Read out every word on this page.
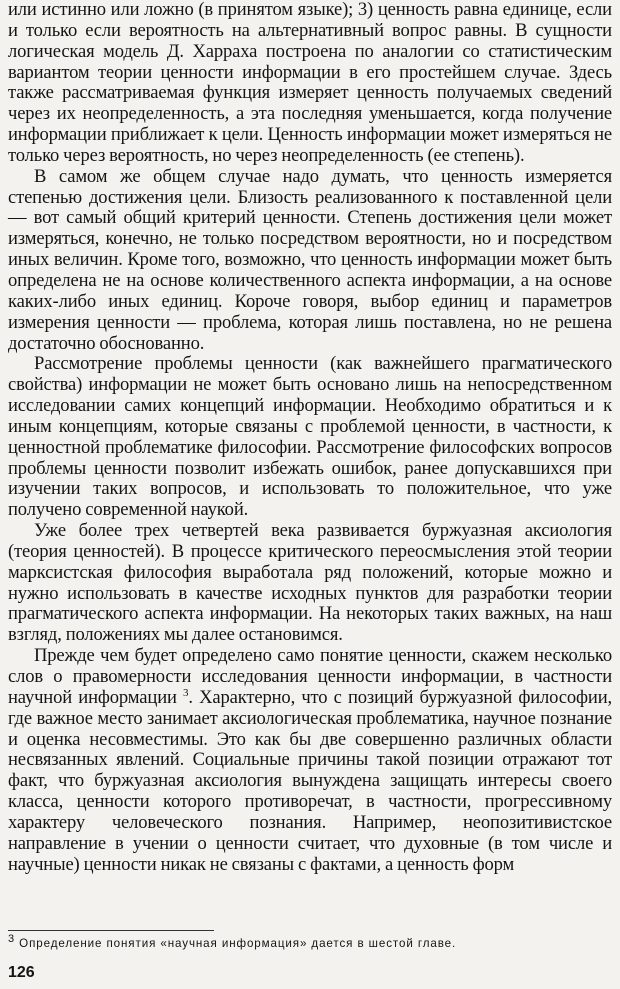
или истинно или ложно (в принятом языке); 3) ценность равна единице, если и только если вероятность на альтернативный вопрос равны. В сущности логическая модель Д. Харраха построена по аналогии со статистическим вариантом теории ценности информации в его простейшем случае. Здесь также рассматриваемая функция измеряет ценность получаемых сведений через их неопределенность, а эта последняя уменьшается, когда получение информации приближает к цели. Ценность информации может измеряться не только через вероятность, но через неопределенность (ее степень).

В самом же общем случае надо думать, что ценность измеряется степенью достижения цели. Близость реализованного к поставленной цели — вот самый общий критерий ценности. Степень достижения цели может измеряться, конечно, не только посредством вероятности, но и посредством иных величин. Кроме того, возможно, что ценность информации может быть определена не на основе количественного аспекта информации, а на основе каких-либо иных единиц. Короче говоря, выбор единиц и параметров измерения ценности — проблема, которая лишь поставлена, но не решена достаточно обоснованно.

Рассмотрение проблемы ценности (как важнейшего прагматического свойства) информации не может быть основано лишь на непосредственном исследовании самих концепций информации. Необходимо обратиться и к иным концепциям, которые связаны с проблемой ценности, в частности, к ценностной проблематике философии. Рассмотрение философских вопросов проблемы ценности позволит избежать ошибок, ранее допускавшихся при изучении таких вопросов, и использовать то положительное, что уже получено современной наукой.

Уже более трех четвертей века развивается буржуазная аксиология (теория ценностей). В процессе критического переосмысления этой теории марксистская философия выработала ряд положений, которые можно и нужно использовать в качестве исходных пунктов для разработки теории прагматического аспекта информации. На некоторых таких важных, на наш взгляд, положениях мы далее остановимся.

Прежде чем будет определено само понятие ценности, скажем несколько слов о правомерности исследования ценности информации, в частности научной информации $^3$. Характерно, что с позиций буржуазной философии, где важное место занимает аксиологическая проблематика, научное познание и оценка несовместимы. Это как бы две совершенно различных области несвязанных явлений. Социальные причины такой позиции отражают тот факт, что буржуазная аксиология вынуждена защищать интересы своего класса, ценности которого противоречат, в частности, прогрессивному характеру человеческого познания. Например, неопозитивистское направление в учении о ценности считает, что духовные (в том числе и научные) ценности никак не связаны с фактами, а ценность форм

$^3$ Определение понятия «научная информация» дается в шестой главе.
126
